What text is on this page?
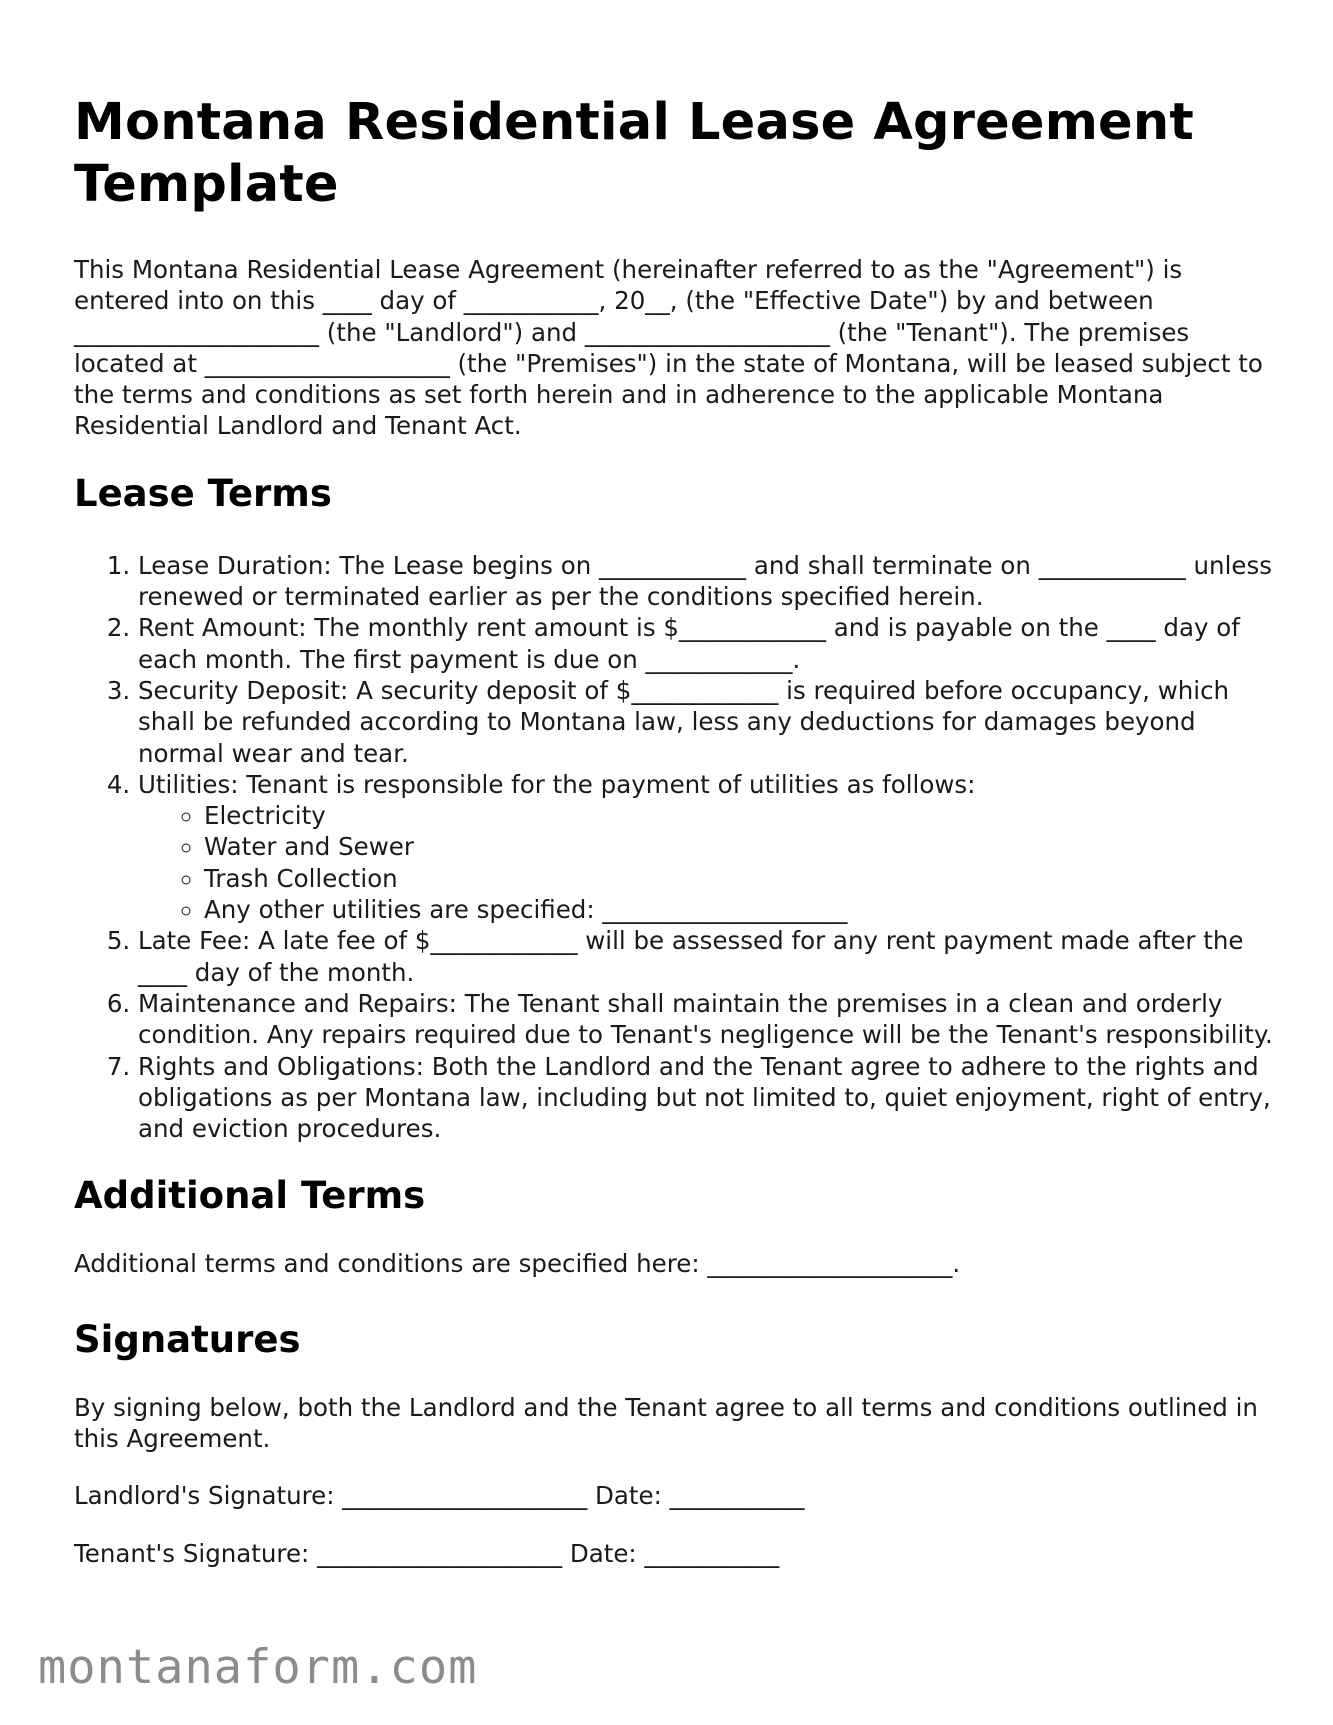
Montana Residential Lease Agreement Template

This Montana Residential Lease Agreement (hereinafter referred to as the "Agreement") is entered into on this ____ day of ___________, 20__, (the "Effective Date") by and between ____________________ (the "Landlord") and ____________________ (the "Tenant"). The premises located at ____________________ (the "Premises") in the state of Montana, will be leased subject to the terms and conditions as set forth herein and in adherence to the applicable Montana Residential Landlord and Tenant Act.

Lease Terms
1. Lease Duration: The Lease begins on ____________ and shall terminate on ____________ unless renewed or terminated earlier as per the conditions specified herein.
2. Rent Amount: The monthly rent amount is $____________ and is payable on the ____ day of each month. The first payment is due on ____________.
3. Security Deposit: A security deposit of $____________ is required before occupancy, which shall be refunded according to Montana law, less any deductions for damages beyond normal wear and tear.
4. Utilities: Tenant is responsible for the payment of utilities as follows:
◦ Electricity
◦ Water and Sewer
◦ Trash Collection
◦ Any other utilities are specified: ____________________
5. Late Fee: A late fee of $____________ will be assessed for any rent payment made after the ____ day of the month.
6. Maintenance and Repairs: The Tenant shall maintain the premises in a clean and orderly condition. Any repairs required due to Tenant's negligence will be the Tenant's responsibility.
7. Rights and Obligations: Both the Landlord and the Tenant agree to adhere to the rights and obligations as per Montana law, including but not limited to, quiet enjoyment, right of entry, and eviction procedures.
Additional Terms

Additional terms and conditions are specified here: ____________________.

Signatures

By signing below, both the Landlord and the Tenant agree to all terms and conditions outlined in this Agreement.

Landlord's Signature: ____________________ Date: ___________

Tenant's Signature: ____________________ Date: ___________

montanaform.com
